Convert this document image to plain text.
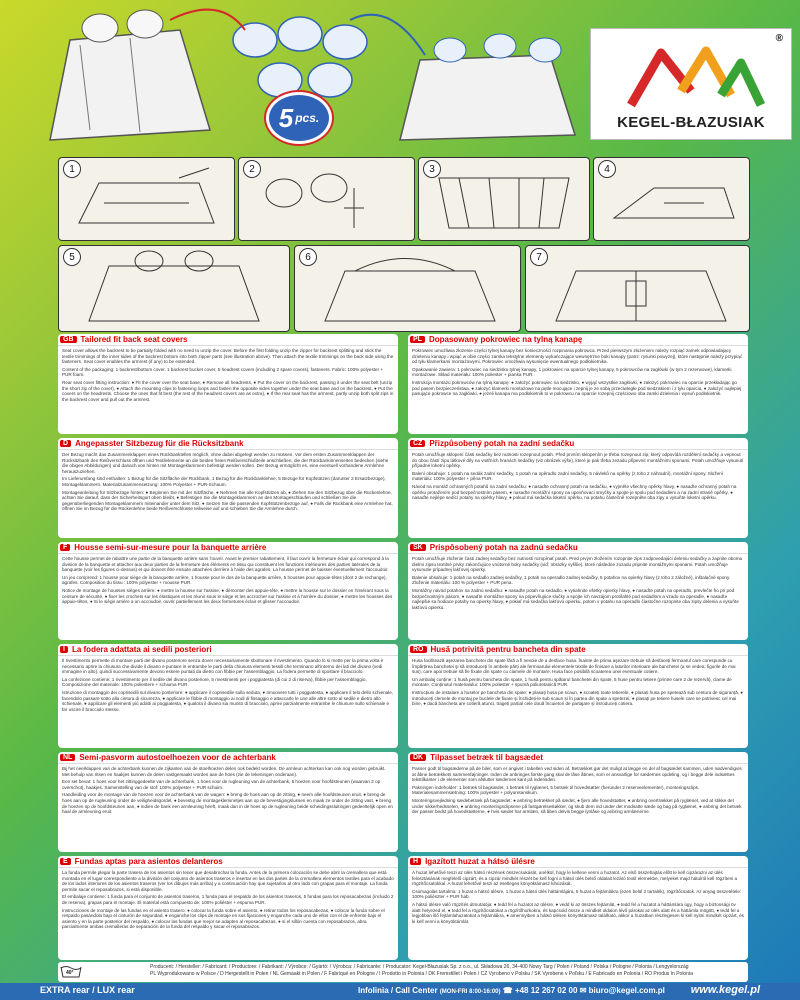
5 pcs.
®
KEGEL-BŁAZUSIAK
1	2	3	4
5	6	7
GB Tailored fit back seat covers

Seat cover allows the backrest to be partially folded with no need to unzip the cover. Before the first folding unzip the zipper for backrest splitting and stick the textile trimmings of the inner sides of the backrest bottom into both zipper parts (see illustration above). Then attach the textile trimmings on the back side using the fasteners. Seat cover enables the armrest (if any) to be extended.

Content of the packaging: 1 backrest/bottom cover, 1 backrest bucket cover, 5 headrest covers (including 2 spare covers), fasteners. Fabric: 100% polyester + PUR foam.

Rear seat cover fitting instruction: ● Fit the cover over the seat base, ● Remove all headrests, ● Put the cover on the backrest, passing it under the seat belt (unzip the short zip of the cover), ● Attach the mounting clips to fastening loops and fasten the opposite sides together under the seat base and on the backrest, ● Put the covers on the headrests. Choose the ones that fit best (the rest of the headrest covers are as extra), ● If the rear seat has the armrest, partly unzip both split zips in the backrest cover and pull out the armrest.

D Angepasster Sitzbezug für die Rücksitzbank

Der Bezug macht das Zusammenklappen eines Rückbanktelles möglich, ohne dabei abgelegt werden zu müssen. Vor dem ersten Zusammenklappen der Rücksitzbank den Reißverschluss öffnen und Textilelemente an die beiden freien Reißverschlußteile anschließen, die der Rückbankinnenseiten bedecken (siehe die obigen Abbildungen) und danach von hinten mit Montageklammern befestigt werden sollen. Der Bezug ermöglicht es, eine eventuell vorhandene Armlehne herauszuziehen.

Im Lieferumfang sind enthalten: 1 Bezug für die Sitzfläche der Rückbank, 1 Bezug für die Rückbanklehne, 5 Bezüge für Kopfstützen (darunter 2 Ersatzbezüge), Montageklammern. Materialzusammensetzung: 100% Polyester + PUR-Schaum.

Montageanleitung für Sitzbezüge hinten: ● Beginnen Sie mit der Sitzfläche, ● Nehmen Sie alle Kopfstützen ab, ● Ziehen Sie den Sitzbezug über die Rückenlehne, achten Sie darauf, dass der Sicherheitsgurt oben bleibt, ● Befestigen Sie die Montageklammern an den Montageschlaufen und schließen Sie die gegenüberliegenden Montageklammern miteinander unter dem Sitz, ● Setzen Sie die passenden Kopfstützenbezüge auf, ● Falls die Rückbank eine Armlehne hat, öffnen Sie im Bezug für die Rückenlehne beide Reißverschlüsse teilweise auf und schieben Sie die Armlehne durch.

F Housse semi-sur-mesure pour la banquette arrière

Cette housse permet de rabattre une partie de la banquette arrière sans l'ouvrir. Avant le premier rabattement, il faut ouvrir la fermeture éclair qui correspond à la division de la banquette et attacher aux deux parties de la fermeture des éléments en tissu qui constituent les fonctions intérieures des parties latérales de la banquette (voir les figures ci-dessus) et qui doivent être ensuite attachées derrière à l'aide des agrafes. La housse permet de baisser éventuellement l'accoudoir.

Un jeu comprend: 1 housse pour siège de la banquette arrière, 1 housse pour le dos de la banquette arrière, 5 housses pour appuie-têtes (dont 2 de rechange), agrafes. Composition du tissu : 100% polyester + mousse PUR.

Notice de montage de housses sièges arrière: ● mettre la housse sur l'assise, ● démonter des appuie-tête, ● mettre la housse sur le dossier en l'insérant sous la ceinture de sécurité, ● fixer les crochets sur les élastiques et les réunir sous le siège et les accrocher sur l'assise et à l'arrière du dossier, ● mettre les housses des appuie-têtes, ● Si le siège arrière a un accoudoir, ouvrir partiellement les deux fermetures éclair et glisser l'accoudoir.

I La fodera adattata ai sedili posteriori

Il rivestimento permette di montare parti del divano posteriore senza dover necessariamente sbottonare il rivestimento. Quando lo si mette per la prima volta è necessario aprire la chiusura che divide il divano e puntare in entrambe le parti della chiusura elementi tessili che terminano all'interno dei lati del divano (vedi immagine in alto), quindi successivamente devono essere puntati da dietro con fibbie per l'assemblaggio. La fodera permette di spostare il bracciolo.

La confezione contiene: 1 rivestimento per il sedile del divano posteriore, 5 rivestimenti per i poggiatesta (di cui 2 di riserva), fibbie per l'assemblaggio. Composizione del materiale: 100% poliestere + schiuma PUR.

Istruzione di montaggio dei coprisedili sul divano posteriore: ● applicare il coprisedile sulla seduta, ● rimuovere tutti i poggiatesta, ● applicare il telo dello schienale, facendolo passare sotto alla cintura di sicurezza, ● applicare le fibbie di montaggio ai nodi di fissaggio e attaccarle le une alle altre sotto al sedile e dietro allo schienale, ● applicare gli elementi più adatti ai poggiatesta, ● qualora il divano sia munito di bracciolo, aprire parzialmente entrambe le chiusure sullo schienale e far uscire il bracciolo stesso.

NL Semi-pasvorm autostoelhoezen voor de achterbank

Bij het neerklappen van de achterbank kunnen de zijkanten van de stoelhoezen delen ook bedekt worden. De armleun achterkan kan ook nog worden gebruikt. Met behulp van ritsen en haakjes kunnen de delen vastgemaakt worden aan de hoes (zie de tekeningen onderaan).

Een set bevat: 1 hoes voor het zittinggedeelte van de achterbank, 1 hoes voor de rugleuning van de achterbank, 5 hoezen voor hoofdsteunen (waarvan 2 op overschot), haakjes. Samenstelling van de stof: 100% polyester + PUR schuim.

Handleiding voor de montage van de hoezen voor de achterbank van de wagen: ● breng de hoes aan op de zitting, ● neem alle hoofdsteunen eruit, ● breng de hoes aan op de rugleuning onder de veiligheidsgordel, ● bevestig de montagekleminetjes aan op de bevestigingslussen en maak ze onder de zitting vast, ● breng de hoezen op de hoofdsteunen aan, ● indien de bank een armleuning heeft, maak dan in de hoes op de rugleuning beide scheidingssluitingen gedeeltelijk open en haal de armleuning eruit.

E Fundas aptas para asientos delanteros

La funda permite plegar la parte trasera de los asientos sin tener que desabrochar la funda. Antes de la primera colocación se debe abrir la cremallera que está montada en el lugar correspondiente a la división del conjunto de asientos traseros e insertar en las dos partes de la cremallera elementos textiles para el acabado de los lados interiores de los asientos traseros (ver los dibujos más arriba) y a continuación hay que sujetarlos al otro lado con grapas para el montaje. La funda permite sacar el reposabrazos, si está disponible.

El embalaje contiene: 1 funda para el conjunto de asientos traseros, 1 funda para el respaldo de los asientos traseros, 5 fundas para los reposacabezas (incluido 2 de reserva), grapas para el montaje. El material está compuesto de: 100% poliéster + espuma PUR.

Instrucciones de montaje de las fundas en el asiento trasero: ● colocar la funda sobre el asiento, ● retirar todos los reposacabezas, ● colocar la funda sobre el respaldo pasándola bajo el cinturón de seguridad, ● enganche los clips de montaje en sus fijaciones y enganche cada uno de ellos con el de enfrente bajo el asiento y en la parte posterior del respaldo, ● colocar las fundas que mejor se adapten al reposacabezas, ● si el sillón cuenta con reposabrazos, abra parcialmente ambas cremalleras de separación de la funda del respaldo y sacar el reposabrazos.

PL Dopasowany pokrowiec na tylną kanapę

Pokrowiec umożliwia złożenie części tylnej kanapy bez konieczności rozpinania pokrowca. Przed pierwszym złożeniem należy rozpiąć zamek odpowiadający dzieleniu kanapy i wpiąć w obie części zamka tekstylne elementy wykańczające wewnętrzne boki kanapy (patrz: rysunki powyżej), które następnie należy przypiąć od tyłu klamerkami montażowymi. Pokrowiec umożliwia wysunięcie ewentualnego podłokietnika.

Opakowanie zawiera: 1 pokrowiec na siedzisko tylnej kanapy, 1 pokrowiec na oparcie tylnej kanapy, 5 pokrowców na zagłówki (w tym 2 rezerwowe), klamerki montażowe. Skład materiału: 100% poliester + pianka PUR.

Instrukcja montażu pokrowców na tylną kanapę: ● założyć pokrowiec na siedzisko, ● wyjąć wszystkie zagłówki, ● założyć pokrowiec na oparcie przekładając go pod pasem bezpieczeństwa, ● założyć klamerki montażowe na pętle mocujące i zepnij je ze sobą przeciwległe pod siedziskiem i z tyłu oparcia, ● założyć najlepiej pasujące pokrowce na zagłówki, ● jeżeli kanapa ma podłokietnik to w pokrowcu na oparcie rozepnij częściowo oba zamki dzielenia i wysuń podłokietnik.

CZ Přizpůsobený potah na zadní sedačku

Potah umožňuje sklopení části sedačky bez nutnosti rozepnout potah. Před prvním sklopením je třeba rozepnout zip, který odpovídá rozdělení sedačky a vepnout do obou částí zipu látkové díly na vnitřních hranách sedačky (viz obrázek výše), které je pak třeba zezadu připevnit montážními sponami. Potah umožňuje vysunutí případné loketní opěrky.

Balení obsahuje: 1 potah na sedák zadní sedačky, 1 potah na opěradlo zadní sedačky, 5 návleků na opěrky (z toho 2 náhradní), montážní spony. Složení materiálu: 100% polyester + pěna PUR.

Návod na montáž ochranných potahů na zadní sedačku: ● nasaďte ochranný potah na sedačku, ● vyjměte všechny opěrky hlavy, ● nasaďte ochranný potah na opěrku protažením pod bezpečnostním pásem, ● nasaďte montážní spony na upevňovací smyčky a spojte je spolu pod sedadlem a na zadní straně opěrky, ● nasaďte nejlépe sedící potahy na opěrky hlavy, ● pokud má sedačka loketní opěrku, na potahu částečně rozepněte oba zipy a vysuňte loketní opěrku.

SK Prispôsobený potah na zadnú sedačku

Potah umožňuje zloženie časti zadnej sedačky bez nutnosti rozopínať potah. Pred prvým zložením rozopnite zips zodpovedajúci deleniu sedačky a zapnite obomа dielmi zipsu textilné prvky zakončujúce vnútorné boky sedačky (viď: obrázky vyššie), ktoré následne zozadu pripnite montážnymi sponami. Potah umožňuje vysunutie prípadnej lakťovej opierky.

Balenie obsahuje: 1 potah na sedadlo zadnej sedačky, 1 potah na operadlo zadnej sedačky, 5 potahov na opierky hlavy (z toho 2 záložné), inštalačné spony. Zloženie materiálu: 100 % polyester + PUR pena.

Montážny návod potahov na zadnú sedačku: ● nasaďte potah na sedadlo, ● vytiahnite všetky opierky hlavy, ● nasaďte potah na operadlo, prevlečte ho pri pod bezpečnostným pásom, ● nasaďte montážne spony na pripevňujúce slučky a spojte ich navzájom protiľahlé pod sedadlom a vzadu na operadle, ● nasaďte najlepšie sa hodiace potahy na opierky hlavy, ● pokiaľ má sedačka lakťovú opierku, potom v potahu na operadlo čiastočne rozopnite oba zipsy delenia a vysuňte lakťovú opierku.

RO Husă potrivită pentru bancheta din spate

Husa facilitează aşezarea banchetei din spate fără a fi nevoie de a desface husa. Înainte de prima aşezare trebuie să desfaceți fermoarul care corespunde cu împărțirea banchetei şi să introduceți în ambele părți ale fermoarului elementele textile de finisare a laturilor interioare ale banchetei (a se vedea: figurile de mai sus), care apoi trebuie să fie fixate din spate cu clamele de montare. Husa face posibilă scoaterea unei eventuale cotiere.

Un ambalaj conține: 1 husă pentru bancheta din spate, 1 husă pentru spătarul banchetei din spate, 5 huse pentru tetiere (printre care 2 de rezervă), clame de montare. Conținutul materialului: 100% poliester + spumă poliuretanică PUR.

Instrucțiuni de instalare a huselor pe bancheta din spate: ● plasați husa pe scaun, ● scoateți toate tetierele, ● plasați husa pe spetează sub centura de siguranță, ● introduceți clemele de montaj pe buclele de fixare și închideți-le sub scaun și în partea din spate a spetezei, ● plasați pe tetiere husele care se potrivesc cel mai bine, ● dacă bancheta are cotieră atunci, trageți parțial cele două încuietori de partajare și introduceți cotiera.

DK Tilpasset betræk til bagsædet

Passer godt til bagsæderne på de biler, som er angivet i tabellen ved siden af. Betrækket gør det muligt at lægge en del af bagsædet sammen, uden nødvendigvis at åbne betrækkets sammenføjninger. Inden de anbringes første gang skal de låse åbnes, som er ansvarlige for sædernes opdeling, og i begge dele indsættes tekstilkanter i de elementer som afslutter sædernes kant på inderisden.

Pakningen indeholder: 1 betræk til bagsædet, 1 betræk til ryglænet, 5 betræk til hovedstøtter (herunder 2 reserveelementer), monteringsclips. Materialesammensætning: 100% polyester + polyuretanskum.

Monteringsvejledning sædebetræk på bagsædet: ● anbring betrækket på sædet, ● fjern alle hovedstøtter, ● anbring overtrækket på ryglænet, ved at stikke det under sikkerhedsselen, ● anbring monteringsclipsene på fastgørelsesløkker, og skub dem ind under det modsatte sæde og bag på ryglænet, ● anbring det betræk der passer bedst på hovedstøtterne, ● hvis sædet har armlæn, så åben delvis begge lynlåse og anbring armlænerne.

H Igazított huzat a hátsó ülésre

A huzat lehetővé teszi az ülés hátsó részének összecsukását, anélkül, hogy le kellene venni a huzatot. Az első összehajtás előtt le kell cipzárazni az ülés felosztásának megfelelő cipzárt, és a cipzár mindkét részét be kell fogni a hátsó ülés belső oldalait lezáró textil elemekbe, melyeket majd hátulról kell rögzíteni a rögzítőcsatokkal. A huzat lehetővé teszi az esetleges könyöktámasz kihúzását.

Csomagolás tartalma: 1 huzat a hátsó ülésre, 1 huzat a hátsó ülés háttámlájára, 5 huzat a fejtámlákra (ezen belül 2 tartalék), rögzítőcsatok. Az anyag összetétele: 100% poliészter + PUR hab.

A hátsó ülésre való rögzítés útmutatója: ● tedd fel a huzatot az ülésre, ● vedd ki az összes fejtámlát, ● tedd fel a huzatot a háttámlára úgy, hogy a biztonsági öv alatt helyezed el, ● tedd fel a rögzítőcsatokat a rögzítőhurkokra, és kapcsold össze a mindkét oldalon lévő párokat az ülés alatt és a háttámla mögött, ● tedd fel a legjobban illő fejtámlahuzatokat a fejtámlákra, ● amennyiben a hátsó ülésen könyöktámasz található, akkor a huzatban részlegesen ki kell nyitni mindkét cipzárt, és ki kell venni a könyöktámlát.

40°
Producent: / Hersteller: / Fabricant: / Productore: / Fabrikant: / Výrobce: / Gyártó: / Výrobca: / Fabricante: / Producator: Kegel-Błazusiak Sp. z o.o., ul. Składowa 26, 34-400 Nowy Targ / Polen / Poland / Polska / Pologne / Polonia / Lengyelország
PL Wyprodukowano w Polsce / D Hergestellt in Polen / NL Gemaakt in Polen / F Fabriqué en Pologne / I Prodotto in Polonia / DK Fremstillet i Polen / CZ Vyrobeno v Polsku / SK Vyrobene v Poľsku / E Fabricado en Polonia / RO Produs în Polonia
EXTRA rear / LUX rear	Infolinia / Call Center (MON-FRI 8:00-16:00) ☎ +48 12 267 02 00 ✉ biuro@kegel.com.pl www.kegel.pl
